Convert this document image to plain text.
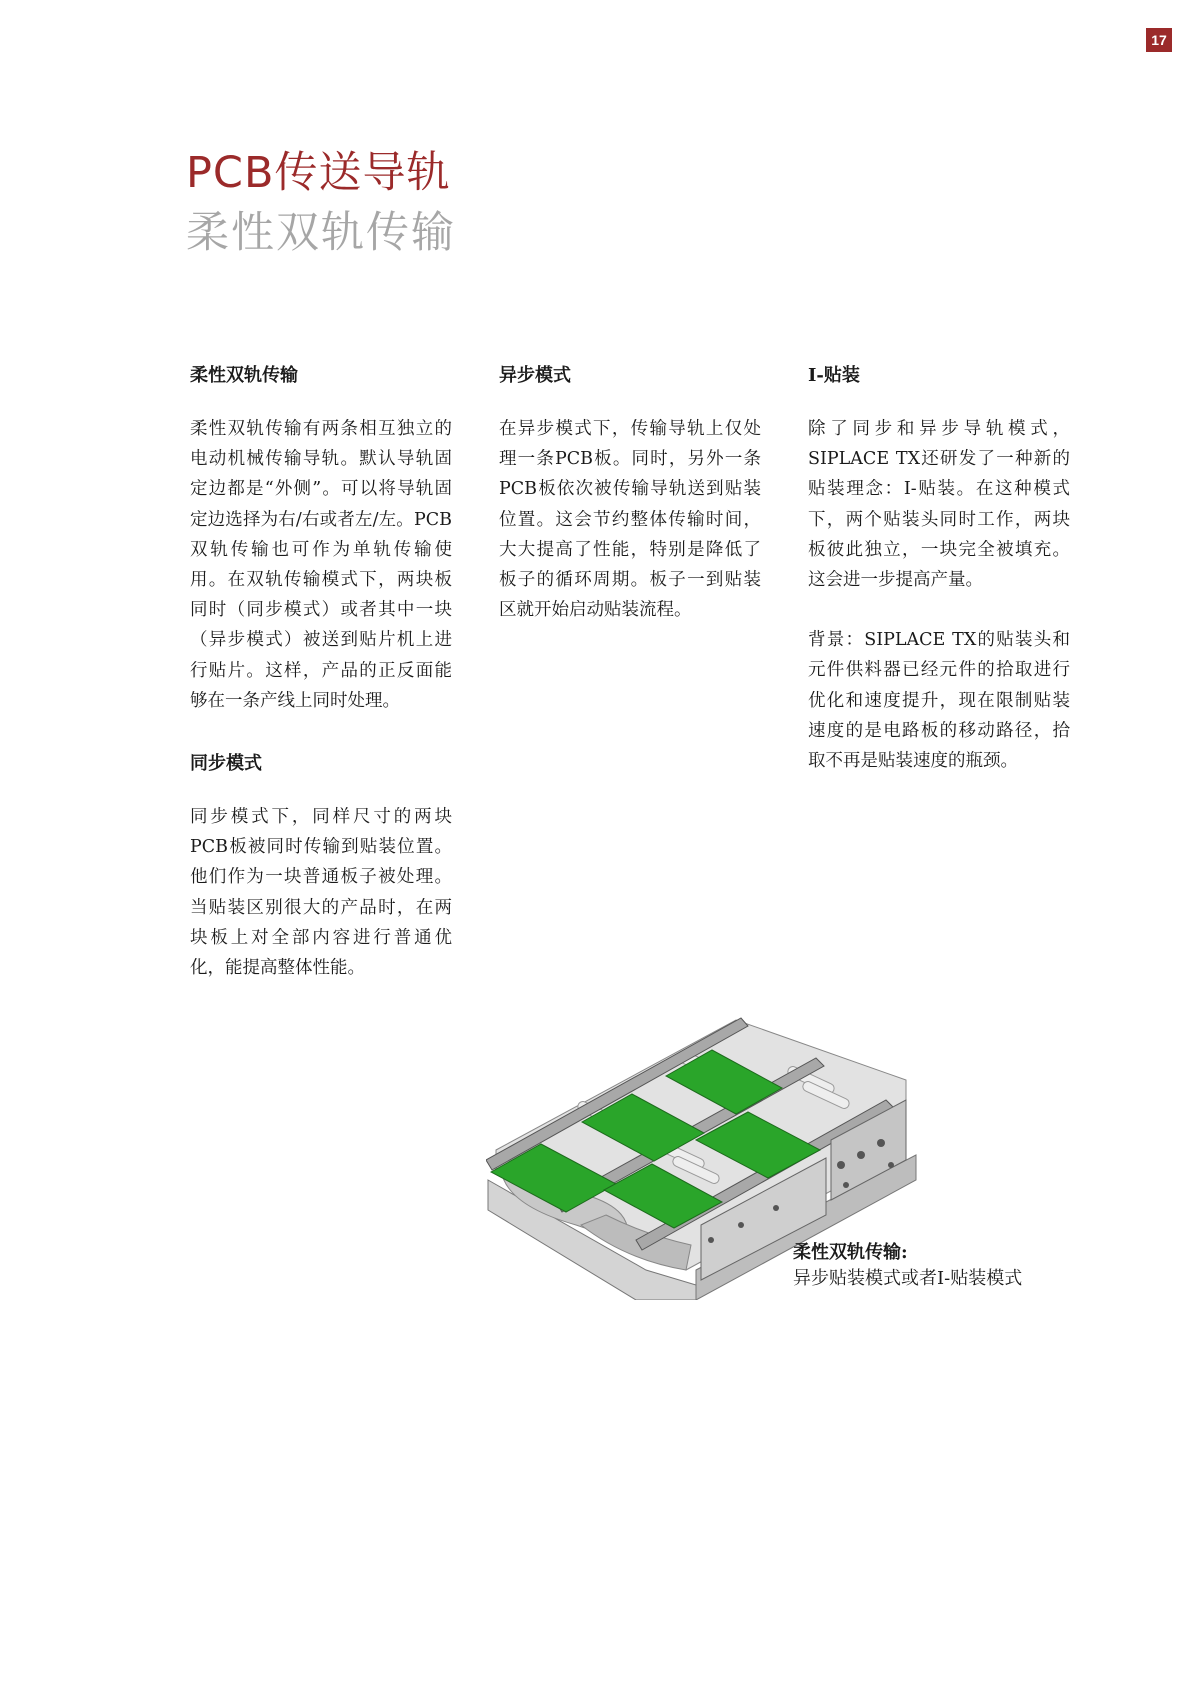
17
PCB传送导轨
柔性双轨传输
柔性双轨传输

柔性双轨传输有两条相互独立的电动机械传输导轨。默认导轨固定边都是“外侧”。可以将导轨固定边选择为右/右或者左/左。PCB双轨传输也可作为单轨传输使用。在双轨传输模式下，两块板同时（同步模式）或者其中一块（异步模式）被送到贴片机上进行贴片。这样，产品的正反面能够在一条产线上同时处理。

同步模式

同步模式下，同样尺寸的两块PCB板被同时传输到贴装位置。他们作为一块普通板子被处理。当贴装区别很大的产品时，在两块板上对全部内容进行普通优化，能提高整体性能。

异步模式

在异步模式下，传输导轨上仅处理一条PCB板。同时，另外一条PCB板依次被传输导轨送到贴装位置。这会节约整体传输时间，大大提高了性能，特别是降低了板子的循环周期。板子一到贴装区就开始启动贴装流程。

I-贴装

除了同步和异步导轨模式，SIPLACE TX还研发了一种新的贴装理念：I-贴装。在这种模式下，两个贴装头同时工作，两块板彼此独立，一块完全被填充。这会进一步提高产量。

背景：SIPLACE TX的贴装头和元件供料器已经元件的拾取进行优化和速度提升，现在限制贴装速度的是电路板的移动路径，拾取不再是贴装速度的瓶颈。

柔性双轨传输:
异步贴装模式或者I-贴装模式
